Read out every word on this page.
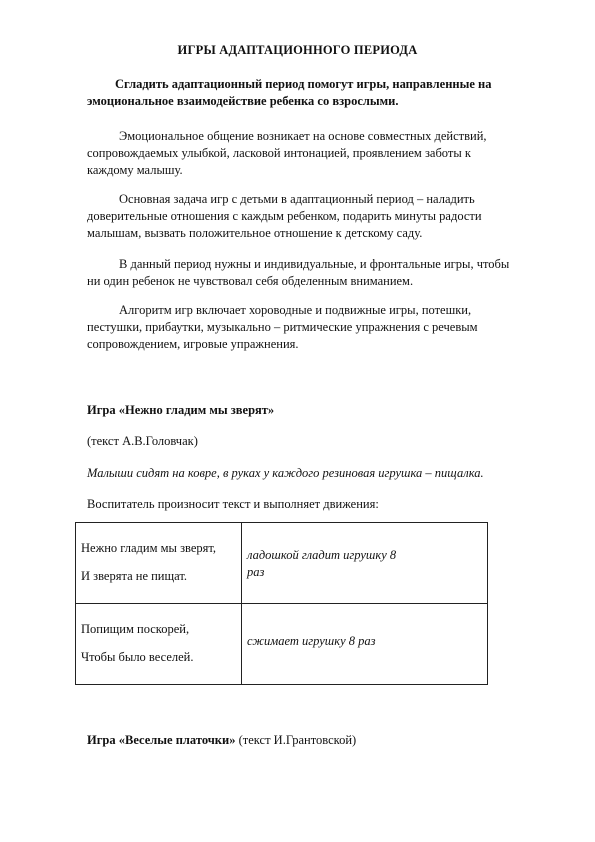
ИГРЫ АДАПТАЦИОННОГО ПЕРИОДА
Сгладить адаптационный период помогут игры, направленные на
эмоциональное взаимодействие ребенка со взрослыми.
Эмоциональное общение возникает на основе совместных действий,
сопровождаемых улыбкой, ласковой интонацией, проявлением заботы к
каждому малышу.
Основная задача игр с детьми в адаптационный период – наладить
доверительные отношения с каждым ребенком, подарить минуты радости
малышам, вызвать положительное отношение к детскому саду.
В данный период нужны и индивидуальные, и фронтальные игры, чтобы
ни один ребенок не чувствовал себя обделенным вниманием.
Алгоритм игр включает хороводные и подвижные игры, потешки,
пестушки, прибаутки, музыкально – ритмические упражнения с речевым
сопровождением, игровые упражнения.
Игра «Нежно гладим мы зверят»
(текст А.В.Головчак)
Малыши сидят на ковре, в руках у каждого резиновая игрушка – пищалка.
Воспитатель произносит текст и выполняет движения:
Нежно гладим мы зверят,
И зверята не пищат.	ладошкой гладит игрушку 8
раз

Попищим поскорей,
Чтобы было веселей.	сжимает игрушку 8 раз
Игра «Веселые платочки» (текст И.Грантовской)
